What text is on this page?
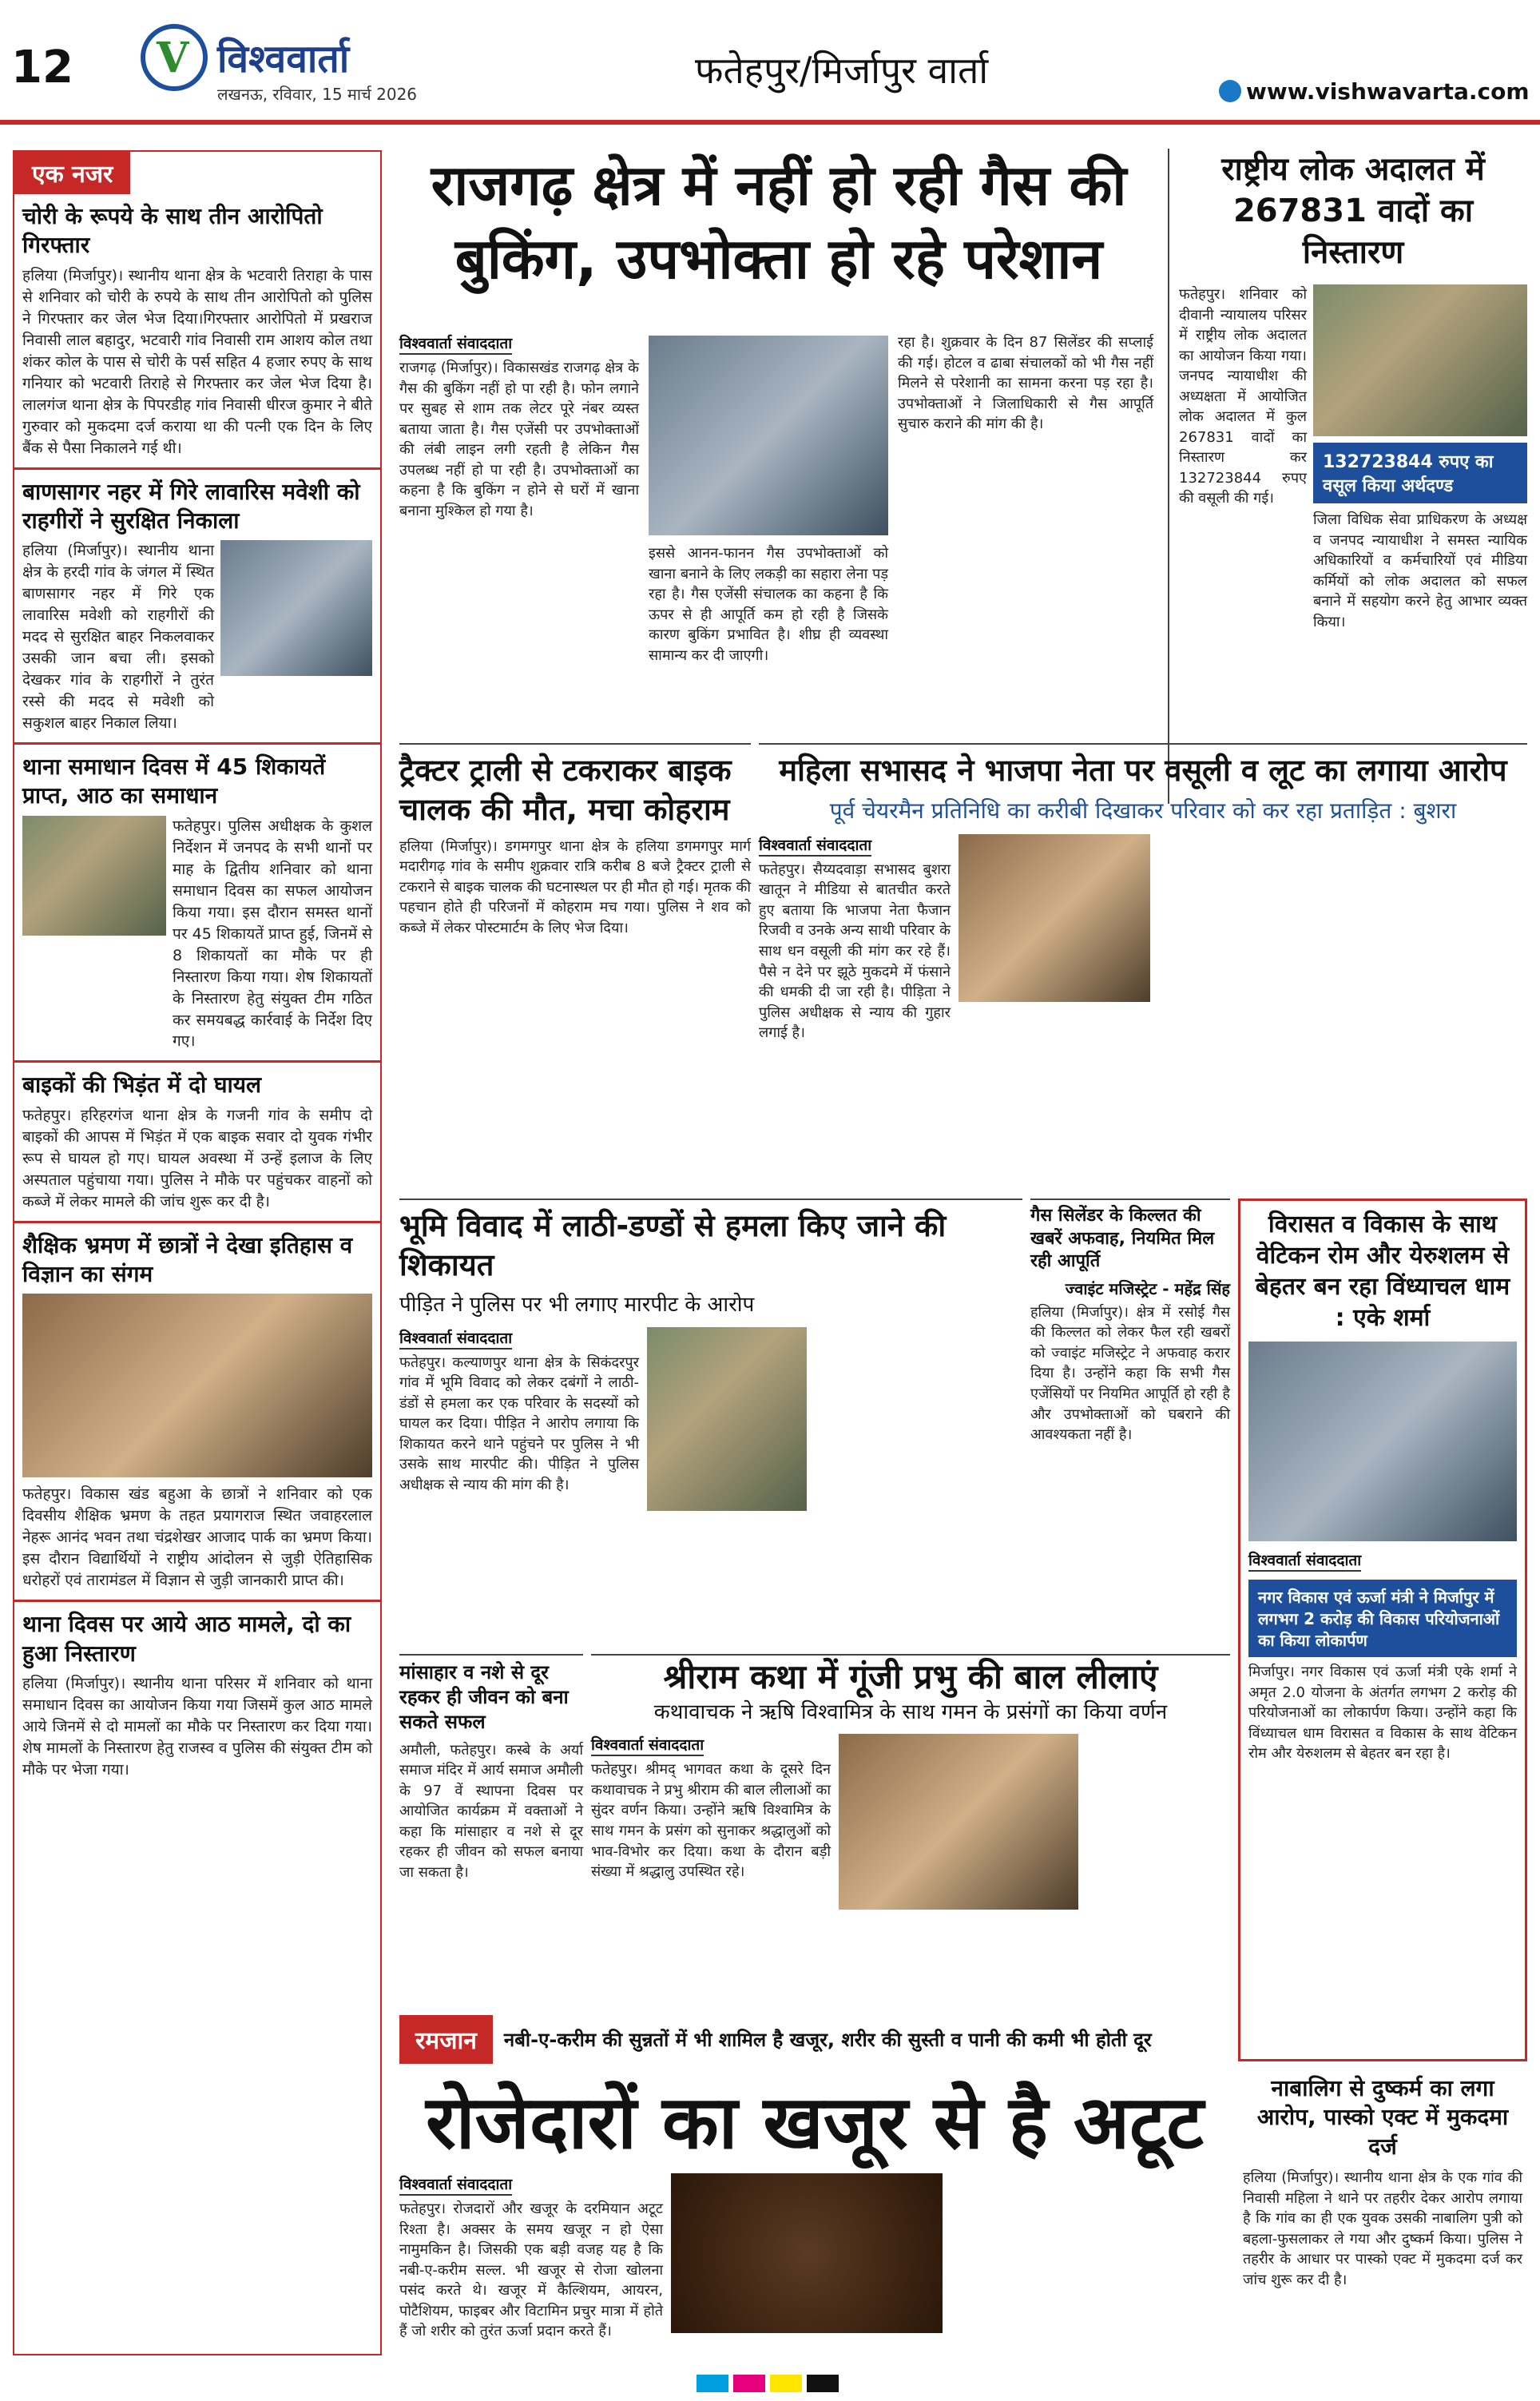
12 V विश्ववार्ता
लखनऊ, रविवार, 15 मार्च 2026
फतेहपुर/मिर्जापुर वार्ता	www.vishwavarta.com
एक नजर
चोरी के रूपये के साथ तीन आरोपितो गिरफ्तार
हलिया (मिर्जापुर)। स्थानीय थाना क्षेत्र के भटवारी तिराहा के पास से शनिवार को चोरी के रुपये के साथ तीन आरोपितो को पुलिस ने गिरफ्तार कर जेल भेज दिया।गिरफ्तार आरोपितो में प्रखराज निवासी लाल बहादुर, भटवारी गांव निवासी राम आशय कोल तथा शंकर कोल के पास से चोरी के पर्स सहित 4 हजार रुपए के साथ गनियार को भटवारी तिराहे से गिरफ्तार कर जेल भेज दिया है। लालगंज थाना क्षेत्र के पिपरडीह गांव निवासी धीरज कुमार ने बीते गुरुवार को मुकदमा दर्ज कराया था की पत्नी एक दिन के लिए बैंक से पैसा निकालने गई थी।
बाणसागर नहर में गिरे लावारिस मवेशी को राहगीरों ने सुरक्षित निकाला
हलिया (मिर्जापुर)। स्थानीय थाना क्षेत्र के हरदी गांव के जंगल में स्थित बाणसागर नहर में गिरे एक लावारिस मवेशी को राहगीरों की मदद से सुरक्षित बाहर निकलवाकर उसकी जान बचा ली। इसको देखकर गांव के राहगीरों ने तुरंत रस्से की मदद से मवेशी को सकुशल बाहर निकाल लिया।
थाना समाधान दिवस में 45 शिकायतें प्राप्त, आठ का समाधान
फतेहपुर। पुलिस अधीक्षक के कुशल निर्देशन में जनपद के सभी थानों पर माह के द्वितीय शनिवार को थाना समाधान दिवस का सफल आयोजन किया गया। इस दौरान समस्त थानों पर 45 शिकायतें प्राप्त हुई, जिनमें से 8 शिकायतों का मौके पर ही निस्तारण किया गया। शेष शिकायतों के निस्तारण हेतु संयुक्त टीम गठित कर समयबद्ध कार्रवाई के निर्देश दिए गए।
बाइकों की भिड़ंत में दो घायल
फतेहपुर। हरिहरगंज थाना क्षेत्र के गजनी गांव के समीप दो बाइकों की आपस में भिड़ंत में एक बाइक सवार दो युवक गंभीर रूप से घायल हो गए। घायल अवस्था में उन्हें इलाज के लिए अस्पताल पहुंचाया गया। पुलिस ने मौके पर पहुंचकर वाहनों को कब्जे में लेकर मामले की जांच शुरू कर दी है।
शैक्षिक भ्रमण में छात्रों ने देखा इतिहास व विज्ञान का संगम
फतेहपुर। विकास खंड बहुआ के छात्रों ने शनिवार को एक दिवसीय शैक्षिक भ्रमण के तहत प्रयागराज स्थित जवाहरलाल नेहरू आनंद भवन तथा चंद्रशेखर आजाद पार्क का भ्रमण किया। इस दौरान विद्यार्थियों ने राष्ट्रीय आंदोलन से जुड़ी ऐतिहासिक धरोहरों एवं तारामंडल में विज्ञान से जुड़ी जानकारी प्राप्त की।
थाना दिवस पर आये आठ मामले, दो का हुआ निस्तारण
हलिया (मिर्जापुर)। स्थानीय थाना परिसर में शनिवार को थाना समाधान दिवस का आयोजन किया गया जिसमें कुल आठ मामले आये जिनमें से दो मामलों का मौके पर निस्तारण कर दिया गया। शेष मामलों के निस्तारण हेतु राजस्व व पुलिस की संयुक्त टीम को मौके पर भेजा गया।
राजगढ़ क्षेत्र में नहीं हो रही गैस की बुकिंग, उपभोक्ता हो रहे परेशान
विश्ववार्ता संवाददाता
राजगढ़ (मिर्जापुर)। विकासखंड राजगढ़ क्षेत्र के गैस की बुकिंग नहीं हो पा रही है। फोन लगाने पर सुबह से शाम तक लेटर पूरे नंबर व्यस्त बताया जाता है। गैस एजेंसी पर उपभोक्ताओं की लंबी लाइन लगी रहती है लेकिन गैस उपलब्ध नहीं हो पा रही है। उपभोक्ताओं का कहना है कि बुकिंग न होने से घरों में खाना बनाना मुश्किल हो गया है।
इससे आनन-फानन गैस उपभोक्ताओं को खाना बनाने के लिए लकड़ी का सहारा लेना पड़ रहा है। गैस एजेंसी संचालक का कहना है कि ऊपर से ही आपूर्ति कम हो रही है जिसके कारण बुकिंग प्रभावित है। शीघ्र ही व्यवस्था सामान्य कर दी जाएगी।
रहा है। शुक्रवार के दिन 87 सिलेंडर की सप्लाई की गई। होटल व ढाबा संचालकों को भी गैस नहीं मिलने से परेशानी का सामना करना पड़ रहा है। उपभोक्ताओं ने जिलाधिकारी से गैस आपूर्ति सुचारु कराने की मांग की है।
राष्ट्रीय लोक अदालत में 267831 वादों का निस्तारण
फतेहपुर। शनिवार को दीवानी न्यायालय परिसर में राष्ट्रीय लोक अदालत का आयोजन किया गया। जनपद न्यायाधीश की अध्यक्षता में आयोजित लोक अदालत में कुल 267831 वादों का निस्तारण कर 132723844 रुपए की वसूली की गई।
132723844 रुपए का वसूल किया अर्थदण्ड
जिला विधिक सेवा प्राधिकरण के अध्यक्ष व जनपद न्यायाधीश ने समस्त न्यायिक अधिकारियों व कर्मचारियों एवं मीडिया कर्मियों को लोक अदालत को सफल बनाने में सहयोग करने हेतु आभार व्यक्त किया।
ट्रैक्टर ट्राली से टकराकर बाइक चालक की मौत, मचा कोहराम
हलिया (मिर्जापुर)। डगमगपुर थाना क्षेत्र के हलिया डगमगपुर मार्ग मदारीगढ़ गांव के समीप शुक्रवार रात्रि करीब 8 बजे ट्रैक्टर ट्राली से टकराने से बाइक चालक की घटनास्थल पर ही मौत हो गई। मृतक की पहचान होते ही परिजनों में कोहराम मच गया। पुलिस ने शव को कब्जे में लेकर पोस्टमार्टम के लिए भेज दिया।
महिला सभासद ने भाजपा नेता पर वसूली व लूट का लगाया आरोप
पूर्व चेयरमैन प्रतिनिधि का करीबी दिखाकर परिवार को कर रहा प्रताड़ित : बुशरा
विश्ववार्ता संवाददाता
फतेहपुर। सैय्यदवाड़ा सभासद बुशरा खातून ने मीडिया से बातचीत करते हुए बताया कि भाजपा नेता फैजान रिजवी व उनके अन्य साथी परिवार के साथ धन वसूली की मांग कर रहे हैं। पैसे न देने पर झूठे मुकदमे में फंसाने की धमकी दी जा रही है। पीड़िता ने पुलिस अधीक्षक से न्याय की गुहार लगाई है।
भूमि विवाद में लाठी-डण्डों से हमला किए जाने की शिकायत
पीड़ित ने पुलिस पर भी लगाए मारपीट के आरोप
विश्ववार्ता संवाददाता
फतेहपुर। कल्याणपुर थाना क्षेत्र के सिकंदरपुर गांव में भूमि विवाद को लेकर दबंगों ने लाठी-डंडों से हमला कर एक परिवार के सदस्यों को घायल कर दिया। पीड़ित ने आरोप लगाया कि शिकायत करने थाने पहुंचने पर पुलिस ने भी उसके साथ मारपीट की। पीड़ित ने पुलिस अधीक्षक से न्याय की मांग की है।
गैस सिलेंडर के किल्लत की खबरें अफवाह, नियमित मिल रही आपूर्ति
ज्वाइंट मजिस्ट्रेट - महेंद्र सिंह
हलिया (मिर्जापुर)। क्षेत्र में रसोई गैस की किल्लत को लेकर फैल रही खबरों को ज्वाइंट मजिस्ट्रेट ने अफवाह करार दिया है। उन्होंने कहा कि सभी गैस एजेंसियों पर नियमित आपूर्ति हो रही है और उपभोक्ताओं को घबराने की आवश्यकता नहीं है।
विरासत व विकास के साथ वेटिकन रोम और येरुशलम से बेहतर बन रहा विंध्याचल धाम : एके शर्मा
विश्ववार्ता संवाददाता
नगर विकास एवं ऊर्जा मंत्री ने मिर्जापुर में लगभग 2 करोड़ की विकास परियोजनाओं का किया लोकार्पण
मिर्जापुर। नगर विकास एवं ऊर्जा मंत्री एके शर्मा ने अमृत 2.0 योजना के अंतर्गत लगभग 2 करोड़ की परियोजनाओं का लोकार्पण किया। उन्होंने कहा कि विंध्याचल धाम विरासत व विकास के साथ वेटिकन रोम और येरुशलम से बेहतर बन रहा है।
मांसाहार व नशे से दूर रहकर ही जीवन को बना सकते सफल
अमौली, फतेहपुर। कस्बे के अर्या समाज मंदिर में आर्य समाज अमौली के 97 वें स्थापना दिवस पर आयोजित कार्यक्रम में वक्ताओं ने कहा कि मांसाहार व नशे से दूर रहकर ही जीवन को सफल बनाया जा सकता है।
श्रीराम कथा में गूंजी प्रभु की बाल लीलाएं
कथावाचक ने ऋषि विश्वामित्र के साथ गमन के प्रसंगों का किया वर्णन
विश्ववार्ता संवाददाता
फतेहपुर। श्रीमद् भागवत कथा के दूसरे दिन कथावाचक ने प्रभु श्रीराम की बाल लीलाओं का सुंदर वर्णन किया। उन्होंने ऋषि विश्वामित्र के साथ गमन के प्रसंग को सुनाकर श्रद्धालुओं को भाव-विभोर कर दिया। कथा के दौरान बड़ी संख्या में श्रद्धालु उपस्थित रहे।
रमजान	नबी-ए-करीम की सुन्नतों में भी शामिल है खजूर, शरीर की सुस्ती व पानी की कमी भी होती दूर
रोजेदारों का खजूर से है अटूट
विश्ववार्ता संवाददाता
फतेहपुर। रोजदारों और खजूर के दरमियान अटूट रिश्ता है। अक्सर के समय खजूर न हो ऐसा नामुमकिन है। जिसकी एक बड़ी वजह यह है कि नबी-ए-करीम सल्ल. भी खजूर से रोजा खोलना पसंद करते थे। खजूर में कैल्शियम, आयरन, पोटैशियम, फाइबर और विटामिन प्रचुर मात्रा में होते हैं जो शरीर को तुरंत ऊर्जा प्रदान करते हैं।
नाबालिग से दुष्कर्म का लगा आरोप, पास्को एक्ट में मुकदमा दर्ज
हलिया (मिर्जापुर)। स्थानीय थाना क्षेत्र के एक गांव की निवासी महिला ने थाने पर तहरीर देकर आरोप लगाया है कि गांव का ही एक युवक उसकी नाबालिग पुत्री को बहला-फुसलाकर ले गया और दुष्कर्म किया। पुलिस ने तहरीर के आधार पर पास्को एक्ट में मुकदमा दर्ज कर जांच शुरू कर दी है।
